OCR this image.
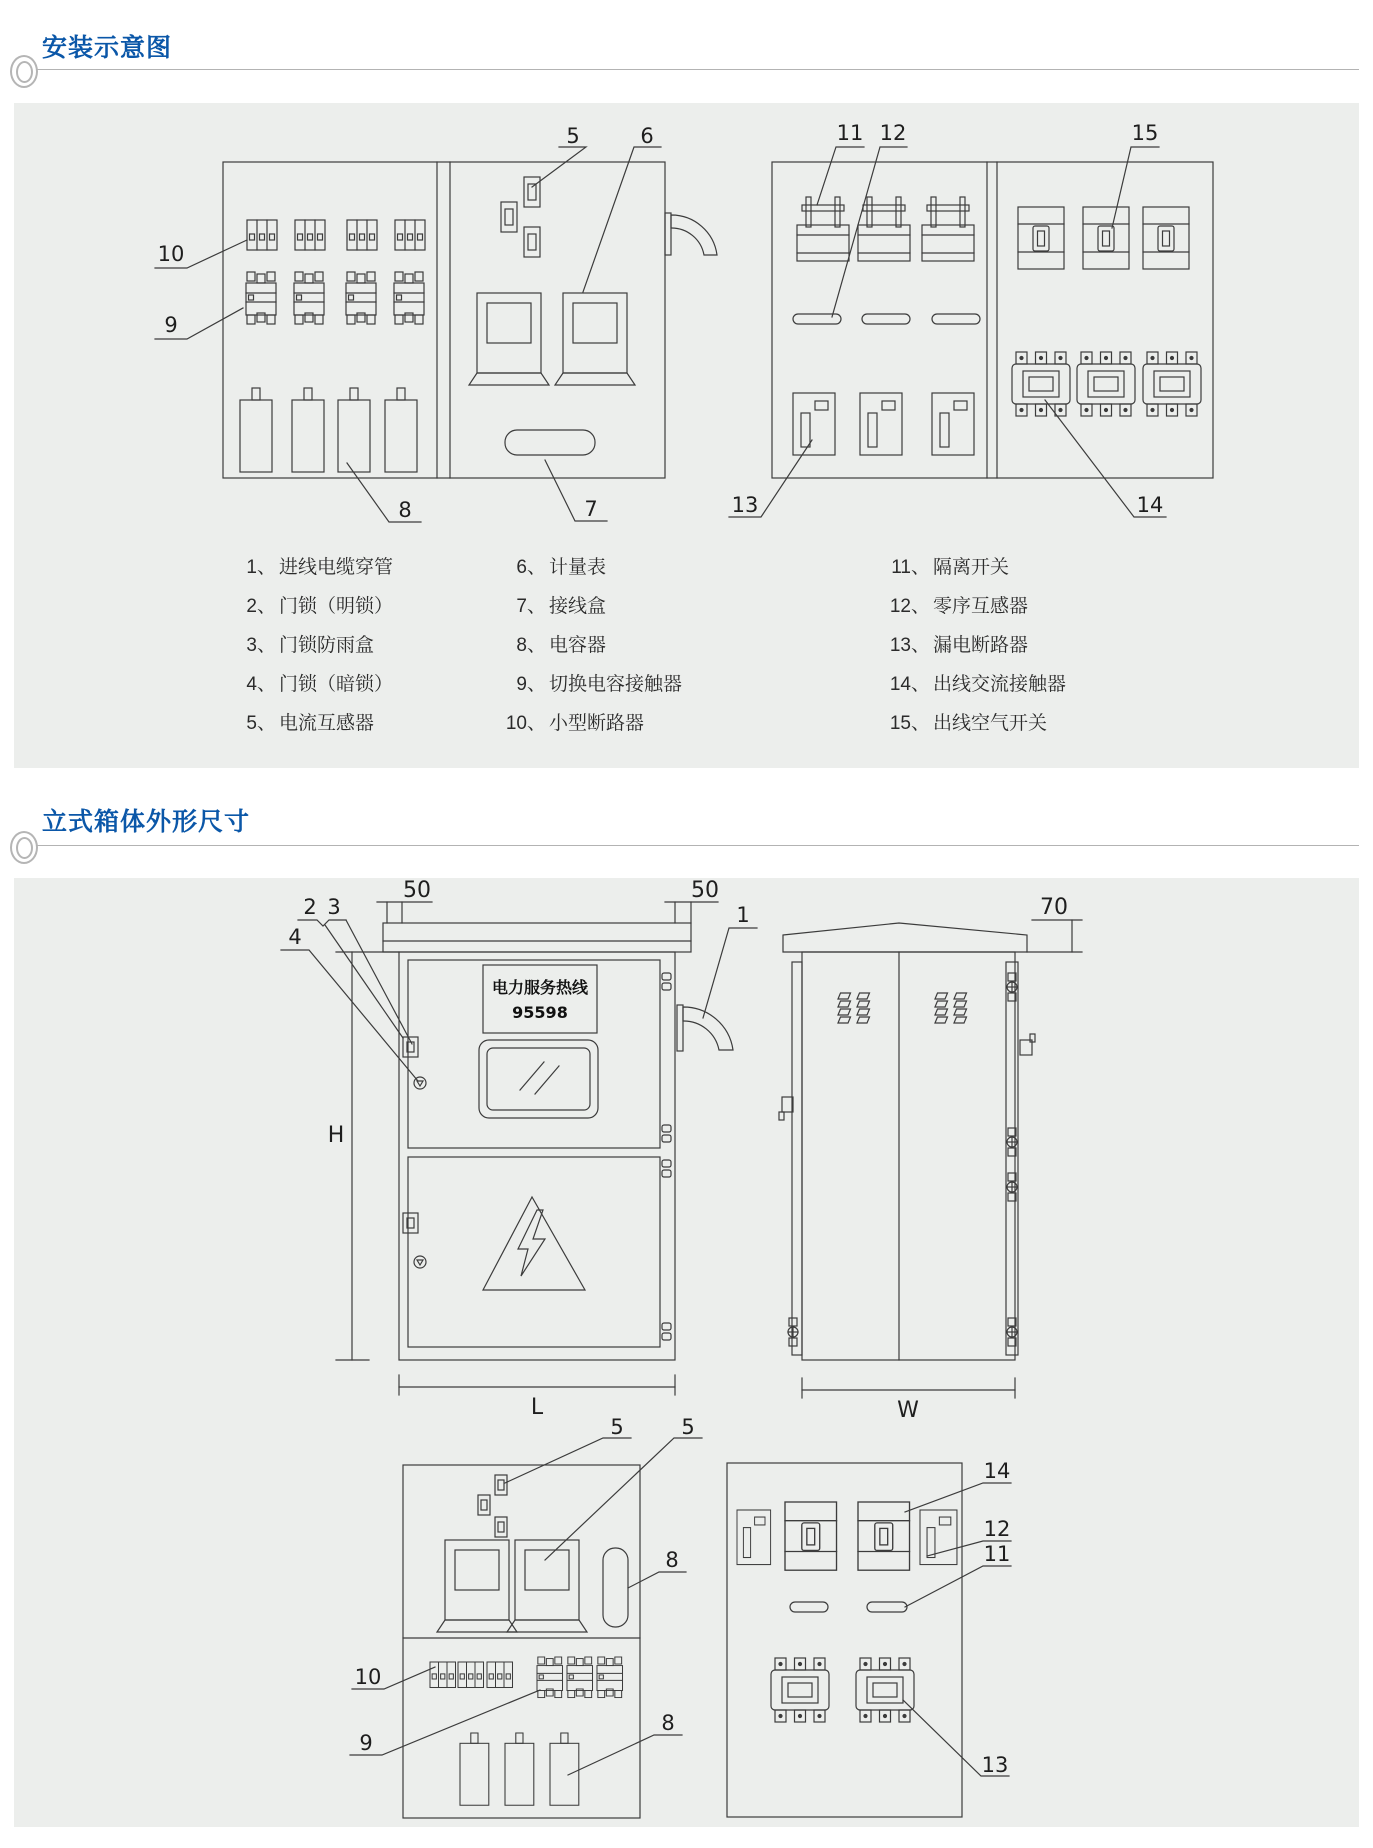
安装示意图
5	6	11 12	15
10
9
8	7	13	14
1、 进线电缆穿管
2、 门锁（明锁）
3、 门锁防雨盒
4、 门锁（暗锁）
5、 电流互感器
6、 计量表
7、 接线盒
8、 电容器
9、 切换电容接触器
10、 小型断路器
11、 隔离开关
12、 零序互感器
13、 漏电断路器
14、 出线交流接触器
15、 出线空气开关
立式箱体外形尺寸
电力服务热线
95598
50	50
H
L
2 3
4
1	70
W
5	5
8
10
9
8
14
12
11
13
